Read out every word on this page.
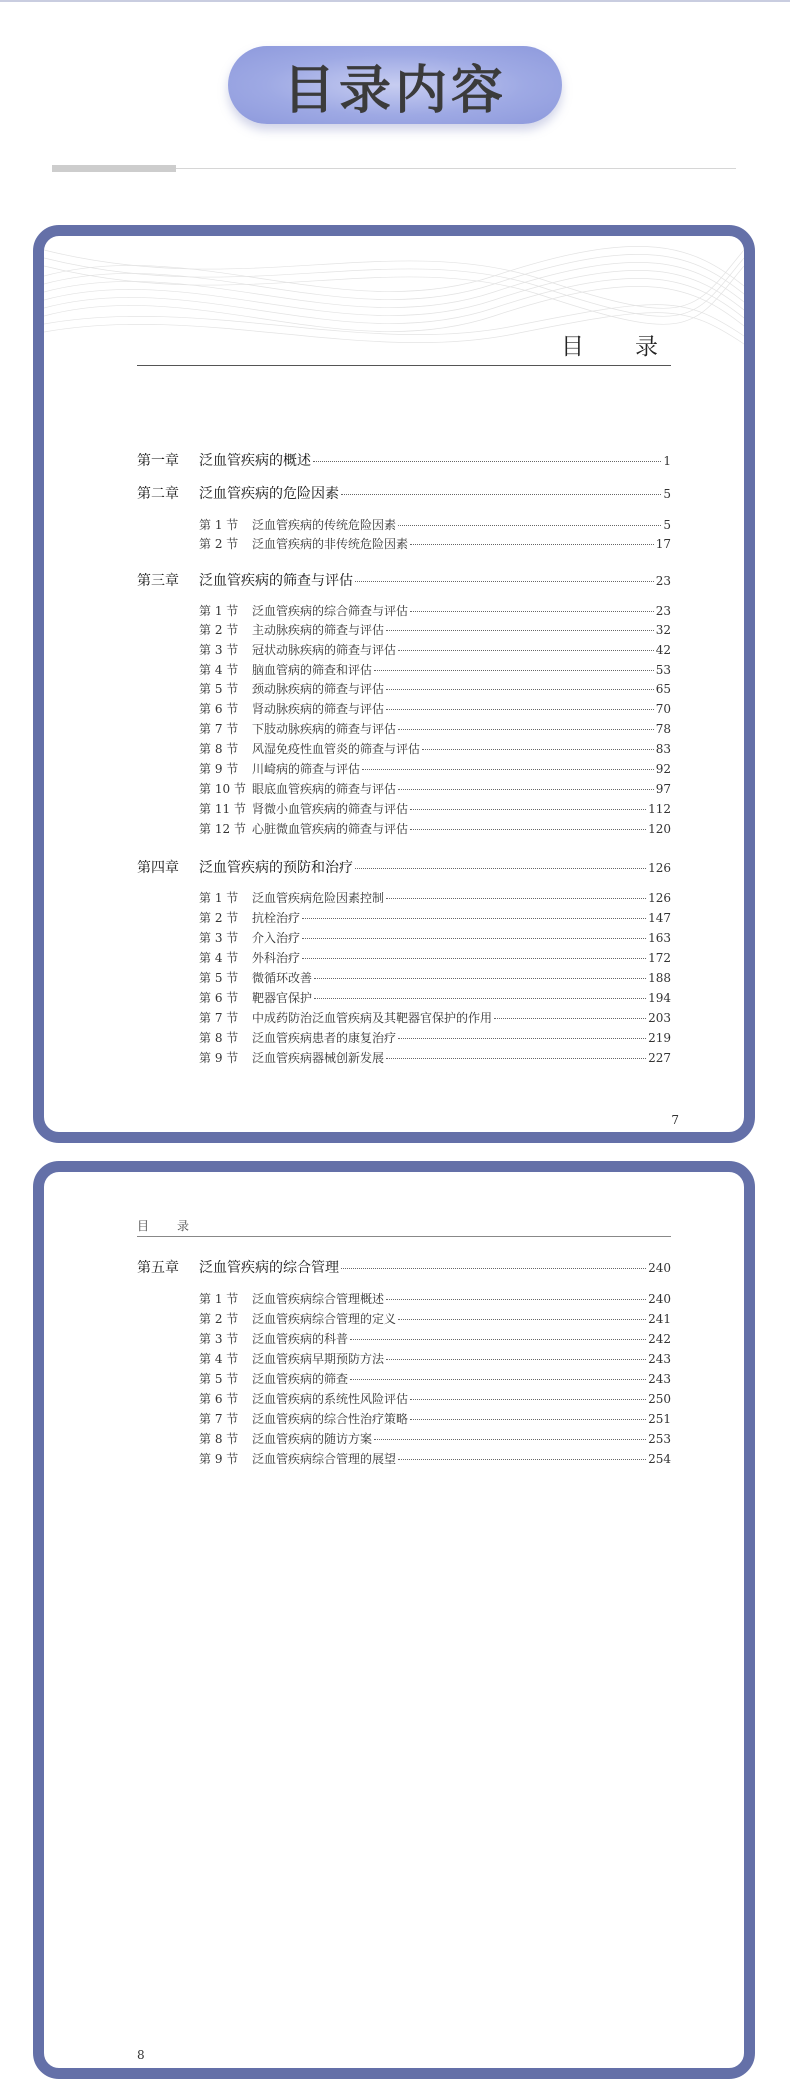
目录内容
目　录
第一章	泛血管疾病的概述	1
第二章	泛血管疾病的危险因素	5
第 1 节	泛血管疾病的传统危险因素	5
第 2 节	泛血管疾病的非传统危险因素	17
第三章	泛血管疾病的筛查与评估	23
第 1 节	泛血管疾病的综合筛查与评估	23
第 2 节	主动脉疾病的筛查与评估	32
第 3 节	冠状动脉疾病的筛查与评估	42
第 4 节	脑血管病的筛查和评估	53
第 5 节	颈动脉疾病的筛查与评估	65
第 6 节	肾动脉疾病的筛查与评估	70
第 7 节	下肢动脉疾病的筛查与评估	78
第 8 节	风湿免疫性血管炎的筛查与评估	83
第 9 节	川崎病的筛查与评估	92
第 10 节 眼底血管疾病的筛查与评估	97
第 11 节 肾微小血管疾病的筛查与评估	112
第 12 节 心脏微血管疾病的筛查与评估	120
第四章	泛血管疾病的预防和治疗	126
第 1 节	泛血管疾病危险因素控制	126
第 2 节	抗栓治疗	147
第 3 节	介入治疗	163
第 4 节	外科治疗	172
第 5 节	微循环改善	188
第 6 节	靶器官保护	194
第 7 节	中成药防治泛血管疾病及其靶器官保护的作用	203
第 8 节	泛血管疾病患者的康复治疗	219
第 9 节	泛血管疾病器械创新发展	227
7
目　录
第五章	泛血管疾病的综合管理	240
第 1 节	泛血管疾病综合管理概述	240
第 2 节	泛血管疾病综合管理的定义	241
第 3 节	泛血管疾病的科普	242
第 4 节	泛血管疾病早期预防方法	243
第 5 节	泛血管疾病的筛查	243
第 6 节	泛血管疾病的系统性风险评估	250
第 7 节	泛血管疾病的综合性治疗策略	251
第 8 节	泛血管疾病的随访方案	253
第 9 节	泛血管疾病综合管理的展望	254
8
